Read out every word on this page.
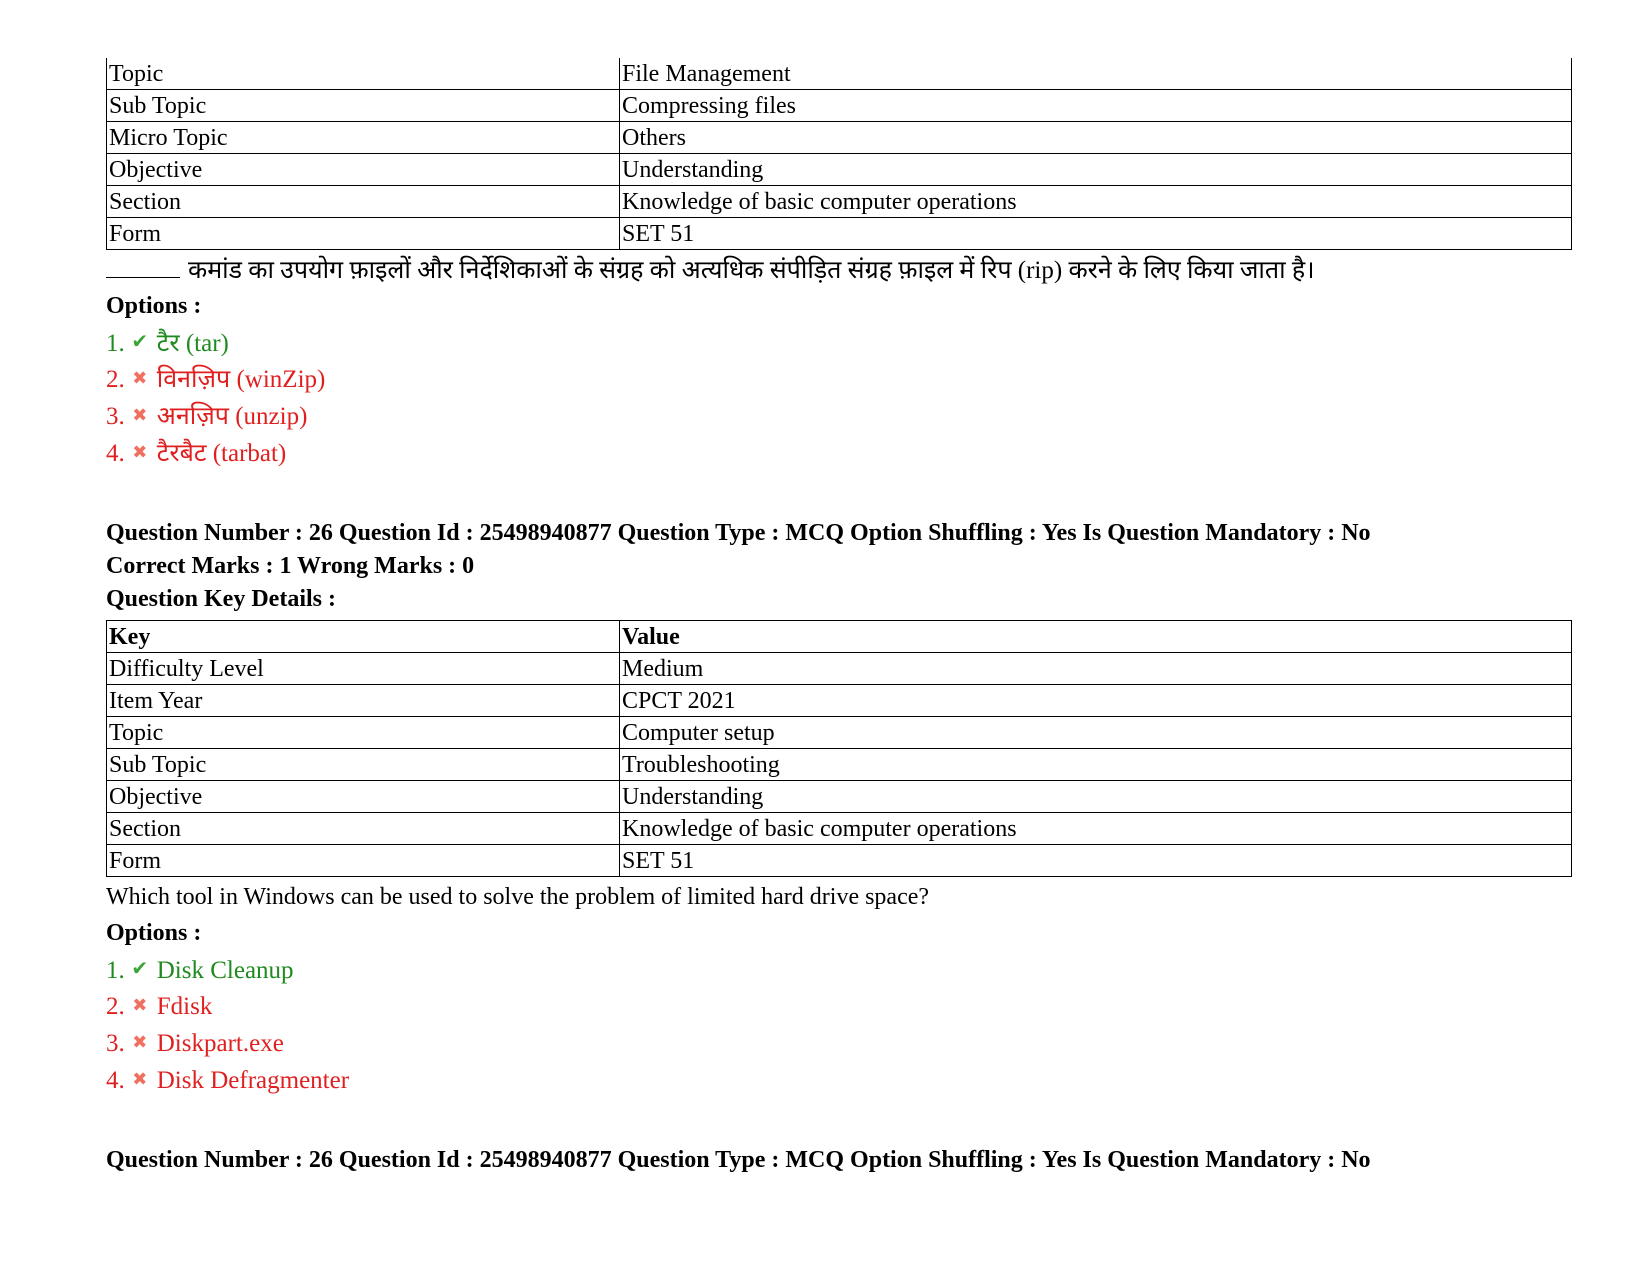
Topic	File Management
Sub Topic	Compressing files
Micro Topic	Others
Objective	Understanding
Section	Knowledge of basic computer operations
Form	SET 51
कमांड का उपयोग फ़ाइलों और निर्देशिकाओं के संग्रह को अत्यधिक संपीड़ित संग्रह फ़ाइल में रिप (rip) करने के लिए किया जाता है।
Options :
1. ✔ टैर (tar)
2. ✖ विनज़िप (winZip)
3. ✖ अनज़िप (unzip)
4. ✖ टैरबैट (tarbat)
Question Number : 26 Question Id : 25498940877 Question Type : MCQ Option Shuffling : Yes Is Question Mandatory : No
Correct Marks : 1 Wrong Marks : 0
Question Key Details :
Key	Value
Difficulty Level	Medium
Item Year	CPCT 2021
Topic	Computer setup
Sub Topic	Troubleshooting
Objective	Understanding
Section	Knowledge of basic computer operations
Form	SET 51
Which tool in Windows can be used to solve the problem of limited hard drive space?
Options :
1. ✔ Disk Cleanup
2. ✖ Fdisk
3. ✖ Diskpart.exe
4. ✖ Disk Defragmenter
Question Number : 26 Question Id : 25498940877 Question Type : MCQ Option Shuffling : Yes Is Question Mandatory : No
